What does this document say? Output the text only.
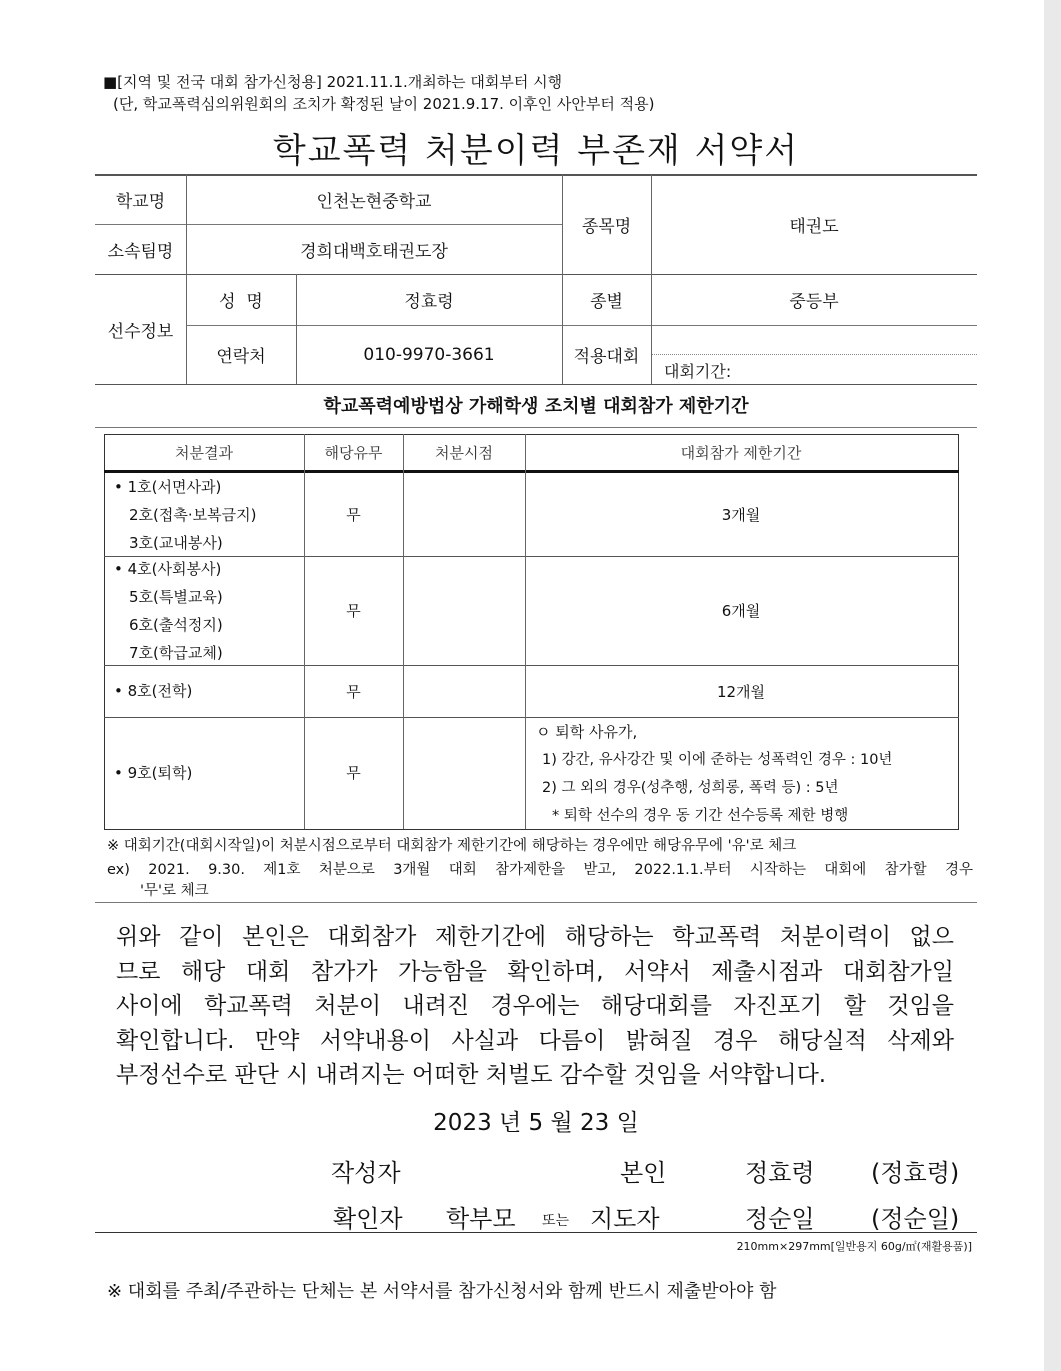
■[지역 및 전국 대회 참가신청용] 2021.11.1.개최하는 대회부터 시행
(단, 학교폭력심의위원회의 조치가 확정된 날이 2021.9.17. 이후인 사안부터 적용)
학교폭력 처분이력 부존재 서약서
학교명	인천논현중학교
소속팀명	경희대백호태권도장
종목명	태권도
선수정보
성  명	정효령	종별	중등부
연락처	010-9970-3661	적용대회
대회기간:
학교폭력예방법상 가해학생 조치별 대회참가 제한기간
처분결과	해당유무	처분시점	대회참가 제한기간
• 1호(서면사과)
2호(접촉·보복금지)
3호(교내봉사)
무	3개월
• 4호(사회봉사)
5호(특별교육)
6호(출석정지)
7호(학급교체)
무	6개월
• 8호(전학)	무	12개월
• 9호(퇴학)	무
ㅇ 퇴학 사유가,
1) 강간, 유사강간 및 이에 준하는 성폭력인 경우 : 10년
2) 그 외의 경우(성추행, 성희롱, 폭력 등) : 5년
* 퇴학 선수의 경우 동 기간 선수등록 제한 병행
※ 대회기간(대회시작일)이 처분시점으로부터 대회참가 제한기간에 해당하는 경우에만 해당유무에 '유'로 체크
ex) 2021. 9.30. 제1호 처분으로 3개월 대회 참가제한을 받고, 2022.1.1.부터 시작하는 대회에 참가할 경우
'무'로 체크
위와 같이 본인은 대회참가 제한기간에 해당하는 학교폭력 처분이력이 없으
므로 해당 대회 참가가 가능함을 확인하며, 서약서 제출시점과 대회참가일
사이에 학교폭력 처분이 내려진 경우에는 해당대회를 자진포기 할 것임을
확인합니다. 만약 서약내용이 사실과 다름이 밝혀질 경우 해당실적 삭제와
부정선수로 판단 시 내려지는 어떠한 처벌도 감수할 것임을 서약합니다.
2023 년 5 월 23 일
작성자	본인	정효령 (정효령)
확인자 학부모 또는 지도자	정순일 (정순일)
210mm×297mm[일반용지 60g/㎡(재활용품)]
※ 대회를 주최/주관하는 단체는 본 서약서를 참가신청서와 함께 반드시 제출받아야 함
